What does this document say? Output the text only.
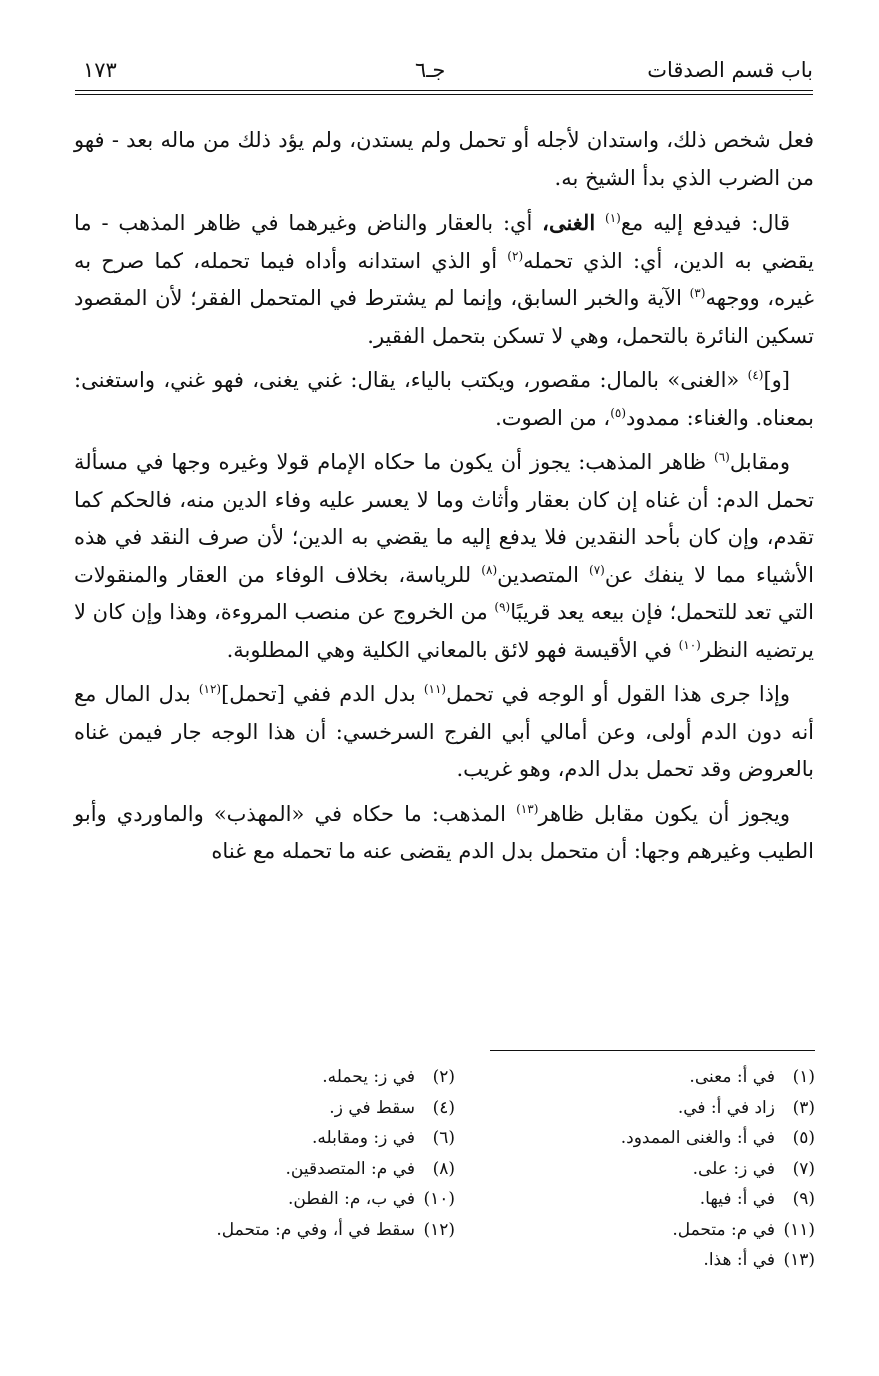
باب قسم الصدقات
جـ٦
١٧٣

فعل شخص ذلك، واستدان لأجله أو تحمل ولم يستدن، ولم يؤد ذلك من ماله بعد - فهو من الضرب الذي بدأ الشيخ به.

قال: فيدفع إليه مع$^{(١)}$ الغنى، أي: بالعقار والناض وغيرهما في ظاهر المذهب - ما يقضي به الدين، أي: الذي تحمله$^{(٢)}$ أو الذي استدانه وأداه فيما تحمله، كما صرح به غيره، ووجهه$^{(٣)}$ الآية والخبر السابق، وإنما لم يشترط في المتحمل الفقر؛ لأن المقصود تسكين النائرة بالتحمل، وهي لا تسكن بتحمل الفقير.

[و]$^{(٤)}$ «الغنى» بالمال: مقصور، ويكتب بالياء، يقال: غني يغنى، فهو غني، واستغنى: بمعناه. والغناء: ممدود$^{(٥)}$، من الصوت.

ومقابل$^{(٦)}$ ظاهر المذهب: يجوز أن يكون ما حكاه الإمام قولا وغيره وجها في مسألة تحمل الدم: أن غناه إن كان بعقار وأثاث وما لا يعسر عليه وفاء الدين منه، فالحكم كما تقدم، وإن كان بأحد النقدين فلا يدفع إليه ما يقضي به الدين؛ لأن صرف النقد في هذه الأشياء مما لا ينفك عن$^{(٧)}$ المتصدين$^{(٨)}$ للرياسة، بخلاف الوفاء من العقار والمنقولات التي تعد للتحمل؛ فإن بيعه يعد قريبًا$^{(٩)}$ من الخروج عن منصب المروءة، وهذا وإن كان لا يرتضيه النظر$^{(١٠)}$ في الأقيسة فهو لائق بالمعاني الكلية وهي المطلوبة.

وإذا جرى هذا القول أو الوجه في تحمل$^{(١١)}$ بدل الدم ففي [تحمل]$^{(١٢)}$ بدل المال مع أنه دون الدم أولى، وعن أمالي أبي الفرج السرخسي: أن هذا الوجه جار فيمن غناه بالعروض وقد تحمل بدل الدم، وهو غريب.

ويجوز أن يكون مقابل ظاهر$^{(١٣)}$ المذهب: ما حكاه في «المهذب» والماوردي وأبو الطيب وغيرهم وجها: أن متحمل بدل الدم يقضى عنه ما تحمله مع غناه

(١)في أ: معنى.
(٣)زاد في أ: في.
(٥)في أ: والغنى الممدود.
(٧)في ز: على.
(٩)في أ: فيها.
(١١)في م: متحمل.
(١٣)في أ: هذا.
(٢)في ز: يحمله.
(٤)سقط في ز.
(٦)في ز: ومقابله.
(٨)في م: المتصدقين.
(١٠)في ب، م: الفطن.
(١٢)سقط في أ، وفي م: متحمل.
